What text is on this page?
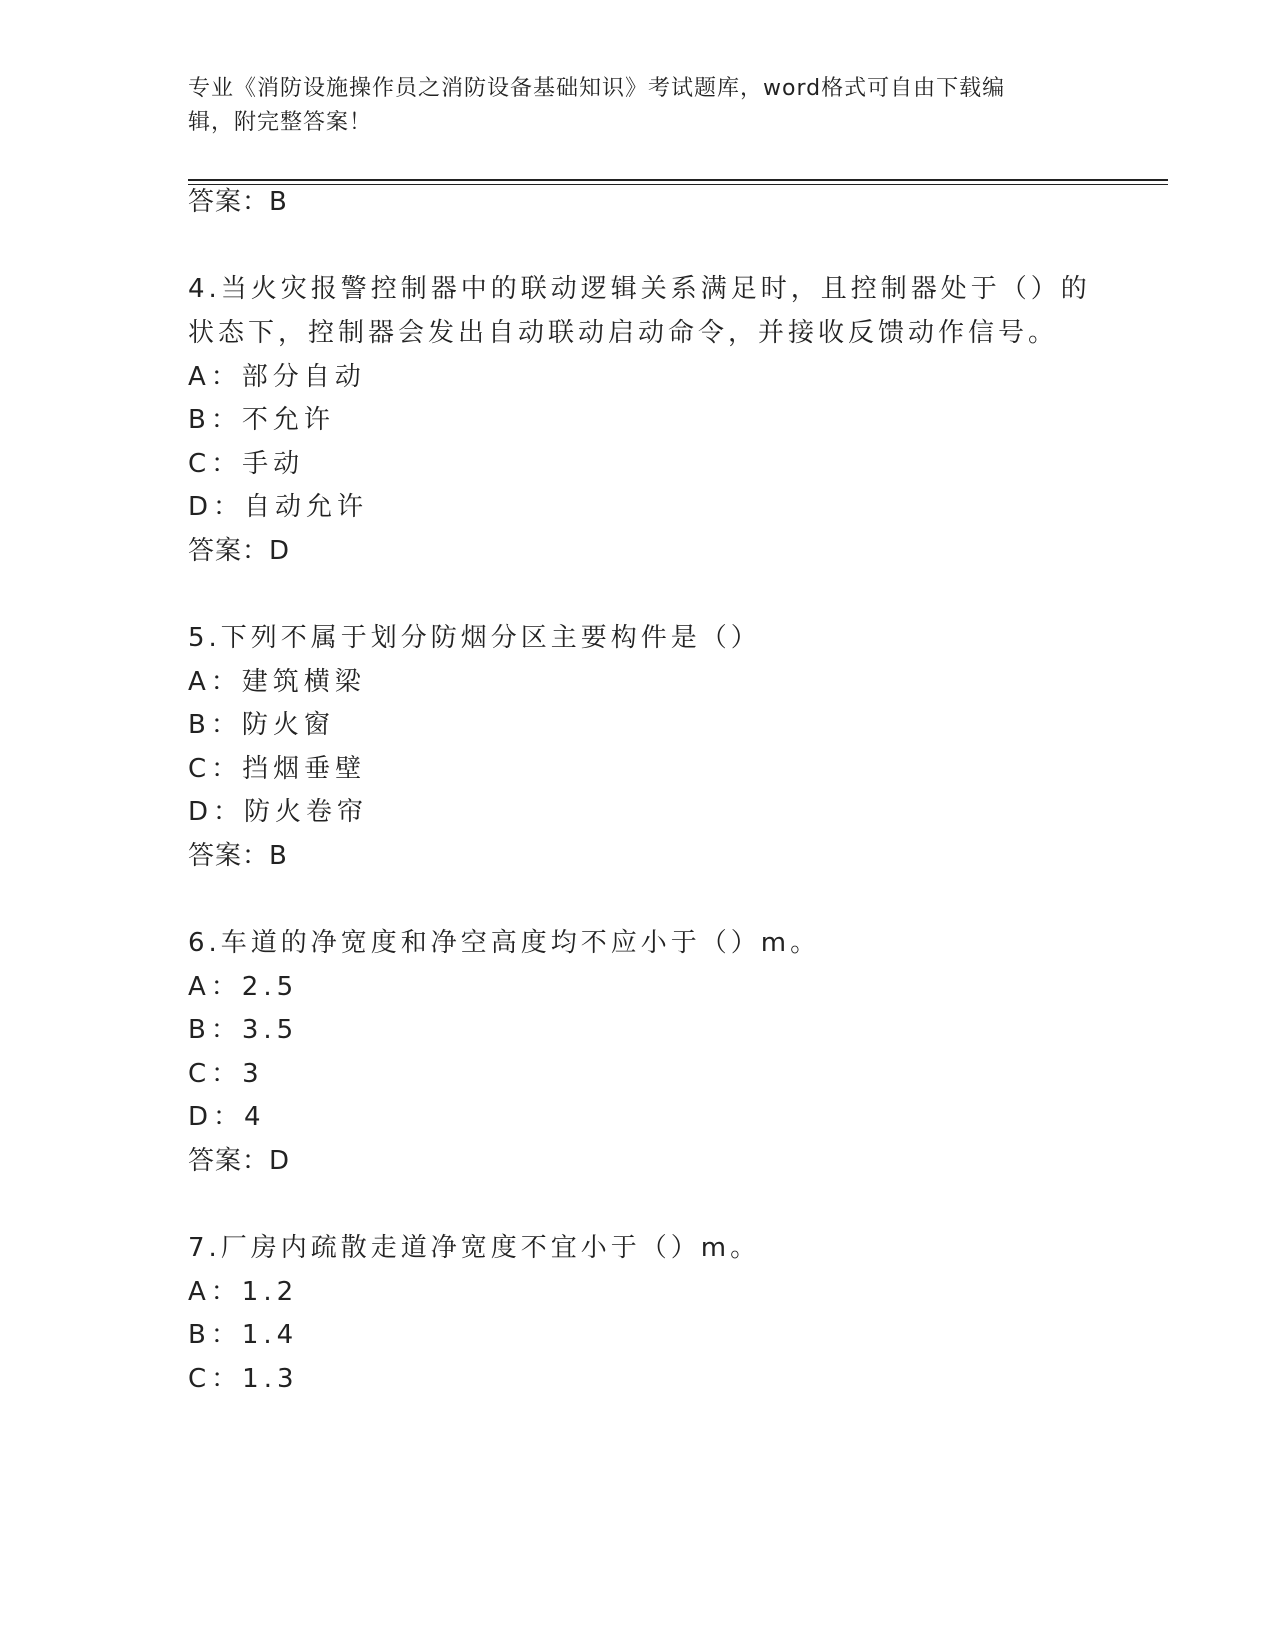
专业《消防设施操作员之消防设备基础知识》考试题库，word格式可自由下载编
辑，附完整答案！
答案：B
4.当火灾报警控制器中的联动逻辑关系满足时，且控制器处于（）的
状态下，控制器会发出自动联动启动命令，并接收反馈动作信号。
A：部分自动
B：不允许
C：手动
D：自动允许
答案：D
5.下列不属于划分防烟分区主要构件是（）
A：建筑横梁
B：防火窗
C：挡烟垂壁
D：防火卷帘
答案：B
6.车道的净宽度和净空高度均不应小于（）m。
A：2.5
B：3.5
C：3
D：4
答案：D
7.厂房内疏散走道净宽度不宜小于（）m。
A：1.2
B：1.4
C：1.3
